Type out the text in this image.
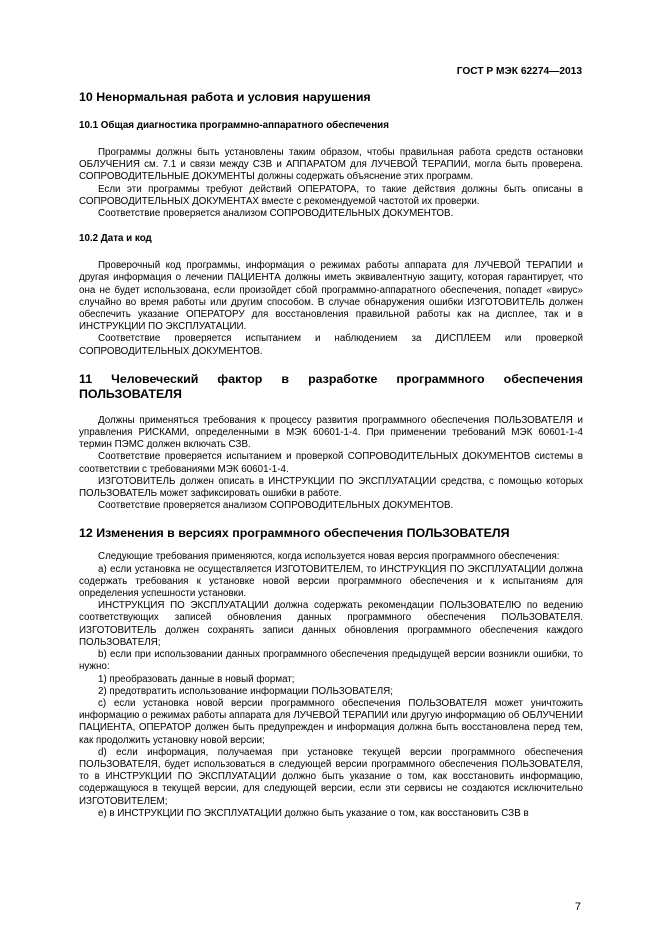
ГОСТ Р МЭК 62274—2013
10 Ненормальная работа и условия нарушения
10.1 Общая диагностика программно-аппаратного обеспечения
Программы должны быть установлены таким образом, чтобы правильная работа средств остановки ОБЛУЧЕНИЯ см. 7.1 и связи между СЗВ и АППАРАТОМ для ЛУЧЕВОЙ ТЕРАПИИ, могла быть проверена. СОПРОВОДИТЕЛЬНЫЕ ДОКУМЕНТЫ должны содержать объяснение этих программ.
Если эти программы требуют действий ОПЕРАТОРА, то такие действия должны быть описаны в СОПРОВОДИТЕЛЬНЫХ ДОКУМЕНТАХ вместе с рекомендуемой частотой их проверки.
Соответствие проверяется анализом СОПРОВОДИТЕЛЬНЫХ ДОКУМЕНТОВ.
10.2 Дата и код
Проверочный код программы, информация о режимах работы аппарата для ЛУЧЕВОЙ ТЕРАПИИ и другая информация о лечении ПАЦИЕНТА должны иметь эквивалентную защиту, которая гарантирует, что она не будет использована, если произойдет сбой программно-аппаратного обеспечения, попадет «вирус» случайно во время работы или другим способом. В случае обнаружения ошибки ИЗГОТОВИТЕЛЬ должен обеспечить указание ОПЕРАТОРУ для восстановления правильной работы как на дисплее, так и в ИНСТРУКЦИИ ПО ЭКСПЛУАТАЦИИ.
Соответствие проверяется испытанием и наблюдением за ДИСПЛЕЕМ или проверкой СОПРОВОДИТЕЛЬНЫХ ДОКУМЕНТОВ.
11 Человеческий фактор в разработке программного обеспечения ПОЛЬЗОВАТЕЛЯ
Должны применяться требования к процессу развития программного обеспечения ПОЛЬЗОВАТЕЛЯ и управления РИСКАМИ, определенными в МЭК 60601-1-4. При применении требований МЭК 60601-1-4 термин ПЭМС должен включать СЗВ.
Соответствие проверяется испытанием и проверкой СОПРОВОДИТЕЛЬНЫХ ДОКУМЕНТОВ системы в соответствии с требованиями МЭК 60601-1-4.
ИЗГОТОВИТЕЛЬ должен описать в ИНСТРУКЦИИ ПО ЭКСПЛУАТАЦИИ средства, с помощью которых ПОЛЬЗОВАТЕЛЬ может зафиксировать ошибки в работе.
Соответствие проверяется анализом СОПРОВОДИТЕЛЬНЫХ ДОКУМЕНТОВ.
12 Изменения в версиях программного обеспечения ПОЛЬЗОВАТЕЛЯ
Следующие требования применяются, когда используется новая версия программного обеспечения:
а) если установка не осуществляется ИЗГОТОВИТЕЛЕМ, то ИНСТРУКЦИЯ ПО ЭКСПЛУАТАЦИИ должна содержать требования к установке новой версии программного обеспечения и к испытаниям для определения успешности установки.
ИНСТРУКЦИЯ ПО ЭКСПЛУАТАЦИИ должна содержать рекомендации ПОЛЬЗОВАТЕЛЮ по ведению соответствующих записей обновления данных программного обеспечения ПОЛЬЗОВАТЕЛЯ. ИЗГОТОВИТЕЛЬ должен сохранять записи данных обновления программного обеспечения каждого ПОЛЬЗОВАТЕЛЯ;
b) если при использовании данных программного обеспечения предыдущей версии возникли ошибки, то нужно:
1) преобразовать данные в новый формат;
2) предотвратить использование информации ПОЛЬЗОВАТЕЛЯ;
с) если установка новой версии программного обеспечения ПОЛЬЗОВАТЕЛЯ может уничтожить информацию о режимах работы аппарата для ЛУЧЕВОЙ ТЕРАПИИ или другую информацию об ОБЛУЧЕНИИ ПАЦИЕНТА, ОПЕРАТОР должен быть предупрежден и информация должна быть восстановлена перед тем, как продолжить установку новой версии;
d) если информация, получаемая при установке текущей версии программного обеспечения ПОЛЬЗОВАТЕЛЯ, будет использоваться в следующей версии программного обеспечения ПОЛЬЗОВАТЕЛЯ, то в ИНСТРУКЦИИ ПО ЭКСПЛУАТАЦИИ должно быть указание о том, как восстановить информацию, содержащуюся в текущей версии, для следующей версии, если эти сервисы не создаются исключительно ИЗГОТОВИТЕЛЕМ;
е) в ИНСТРУКЦИИ ПО ЭКСПЛУАТАЦИИ должно быть указание о том, как восстановить СЗВ в
7
